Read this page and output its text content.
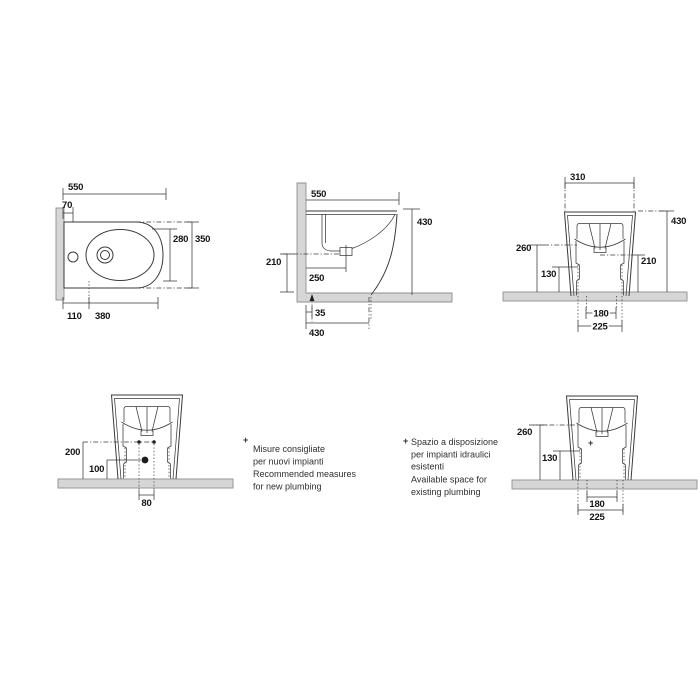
550
70
350
280
110 380
550
430
210
250
35
430
310
430
260
210
130
180
225
200
100
80
+
Misure consigliate
per nuovi impianti
Recommended measures
for new plumbing
+
260
130
180
225
+ Spazio a disposizione
per impianti idraulici
esistenti
Available space for
existing plumbing
